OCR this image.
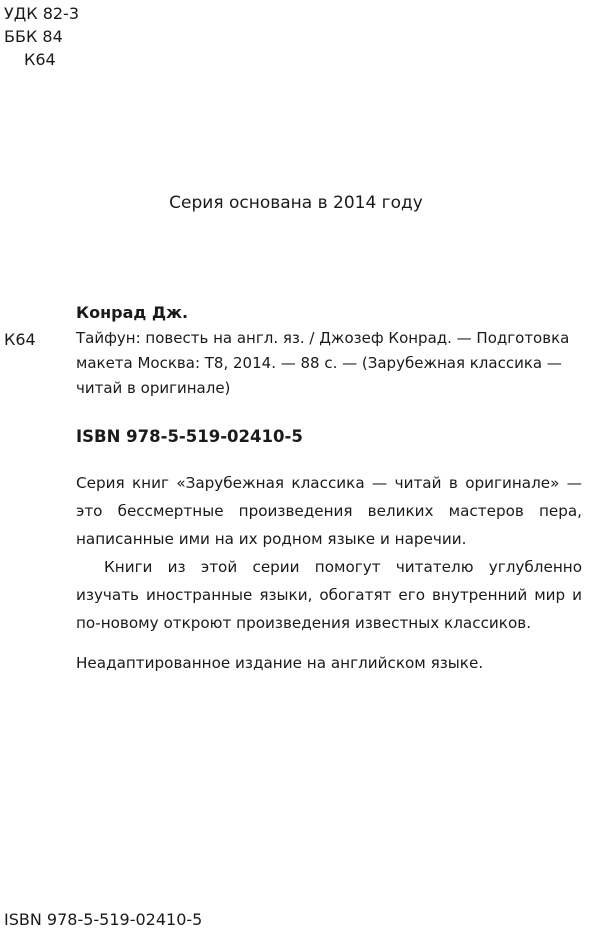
УДК 82-3
ББК 84
К64
Серия основана в 2014 году
Конрад Дж.
К64	Тайфун: повесть на англ. яз. / Джозеф Конрад. — Подготовка
макета Москва: Т8, 2014. — 88 с. — (Зарубежная классика —
читай в оригинале)
ISBN 978-5-519-02410-5
Серия книг «Зарубежная классика — читай в оригинале» — это бессмертные произведения великих мастеров пера, написанные ими на их родном языке и наречии.
Книги из этой серии помогут читателю углубленно изучать иностранные языки, обогатят его внутренний мир и по-новому откроют произведения известных классиков.
Неадаптированное издание на английском языке.
ISBN 978-5-519-02410-5
